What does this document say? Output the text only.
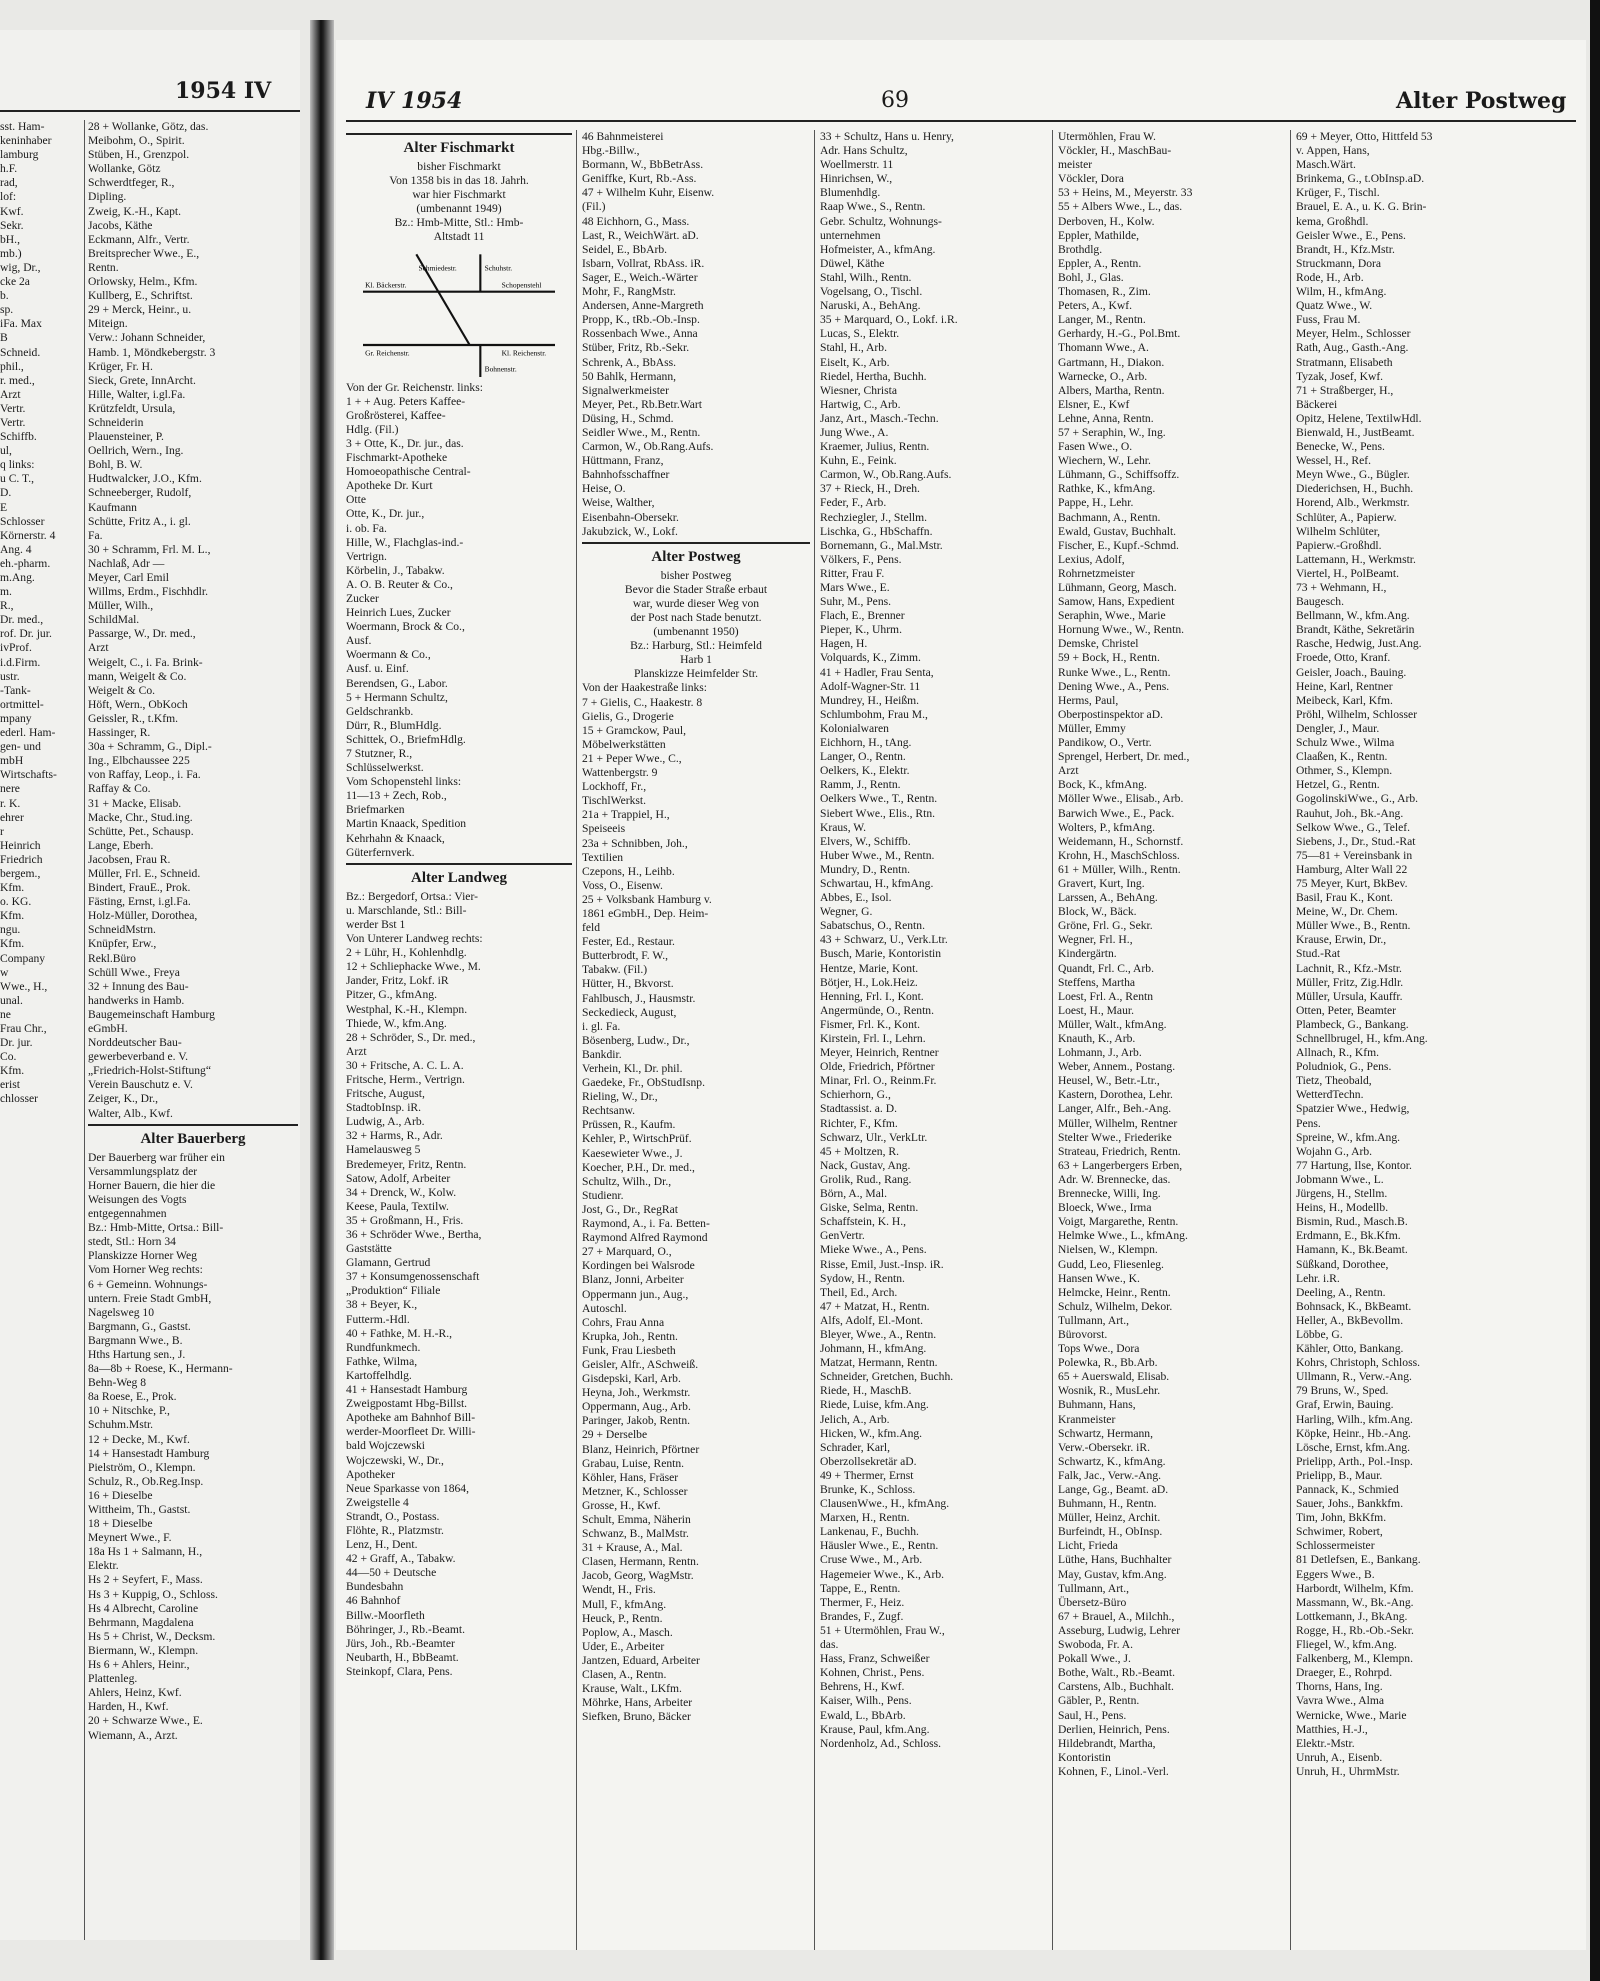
1954 IV
sst. Ham-
keninhaber
lamburg
h.F.
rad,
lof:
Kwf.
Sekr.
bH.,
mb.)
wig, Dr.,
cke 2a
b.
sp.
iFa. Max
B
Schneid.
phil.,
r. med.,
Arzt
Vertr.
Vertr.
Schiffb.
ul,
q links:
u C. T.,
D.
E
Schlosser
Körnerstr. 4
Ang. 4
eh.-pharm.
m.Ang.
m.
R.,
Dr. med.,
rof. Dr. jur.
ivProf.
i.d.Firm.
ustr.
-Tank-
ortmittel-
mpany
ederl. Ham-
gen- und
mbH
Wirtschafts-
nere
r. K.
ehrer
r
Heinrich
Friedrich
bergem.,
Kfm.
o. KG.
Kfm.
ngu.
Kfm.
Company
w
Wwe., H.,
unal.
ne
Frau Chr.,
Dr. jur.
Co.
Kfm.
erist
chlosser
28 + Wollanke, Götz, das.
Meibohm, O., Spirit.
Stüben, H., Grenzpol.
Wollanke, Götz
Schwerdtfeger, R.,
Dipling.
Zweig, K.-H., Kapt.
Jacobs, Käthe
Eckmann, Alfr., Vertr.
Breitsprecher Wwe., E.,
Rentn.
Orlowsky, Helm., Kfm.
Kullberg, E., Schriftst.
29 + Merck, Heinr., u.
Miteign.
Verw.: Johann Schneider,
Hamb. 1, Möndkebergstr. 3
Krüger, Fr. H.
Sieck, Grete, InnArcht.
Hille, Walter, i.gl.Fa.
Krützfeldt, Ursula,
Schneiderin
Plauensteiner, P.
Oellrich, Wern., Ing.
Bohl, B. W.
Hudtwalcker, J.O., Kfm.
Schneeberger, Rudolf,
Kaufmann
Schütte, Fritz A., i. gl.
Fa.
30 + Schramm, Frl. M. L.,
Nachlaß, Adr —
Meyer, Carl Emil
Willms, Erdm., Fischhdlr.
Müller, Wilh.,
SchildMal.
Passarge, W., Dr. med.,
Arzt
Weigelt, C., i. Fa. Brink-
mann, Weigelt & Co.
Weigelt & Co.
Höft, Wern., ObKoch
Geissler, R., t.Kfm.
Hassinger, R.
30a + Schramm, G., Dipl.-
Ing., Elbchaussee 225
von Raffay, Leop., i. Fa.
Raffay & Co.
31 + Macke, Elisab.
Macke, Chr., Stud.ing.
Schütte, Pet., Schausp.
Lange, Eberh.
Jacobsen, Frau R.
Müller, Frl. E., Schneid.
Bindert, FrauE., Prok.
Fästing, Ernst, i.gl.Fa.
Holz-Müller, Dorothea,
SchneidMstrn.
Knüpfer, Erw.,
Rekl.Büro
Schüll Wwe., Freya
32 + Innung des Bau-
handwerks in Hamb.
Baugemeinschaft Hamburg
eGmbH.
Norddeutscher Bau-
gewerbeverband e. V.
„Friedrich-Holst-Stiftung“
Verein Bauschutz e. V.
Zeiger, K., Dr.,
Walter, Alb., Kwf.
Alter Bauerberg
Der Bauerberg war früher ein
Versammlungsplatz der
Horner Bauern, die hier die
Weisungen des Vogts
entgegennahmen
Bz.: Hmb-Mitte, Ortsa.: Bill-
stedt, Stl.: Horn 34
Planskizze Horner Weg
Vom Horner Weg rechts:
6 + Gemeinn. Wohnungs-
untern. Freie Stadt GmbH,
Nagelsweg 10
Bargmann, G., Gastst.
Bargmann Wwe., B.
Hths Hartung sen., J.
8a—8b + Roese, K., Hermann-
Behn-Weg 8
8a Roese, E., Prok.
10 + Nitschke, P.,
Schuhm.Mstr.
12 + Decke, M., Kwf.
14 + Hansestadt Hamburg
Pielström, O., Klempn.
Schulz, R., Ob.Reg.Insp.
16 + Dieselbe
Wittheim, Th., Gastst.
18 + Dieselbe
Meynert Wwe., F.
18a Hs 1 + Salmann, H.,
Elektr.
Hs 2 + Seyfert, F., Mass.
Hs 3 + Kuppig, O., Schloss.
Hs 4 Albrecht, Caroline
Behrmann, Magdalena
Hs 5 + Christ, W., Decksm.
Biermann, W., Klempn.
Hs 6 + Ahlers, Heinr.,
Plattenleg.
Ahlers, Heinz, Kwf.
Harden, H., Kwf.
20 + Schwarze Wwe., E.
Wiemann, A., Arzt.
IV 1954	69	Alter Postweg
Alter Fischmarkt
bisher Fischmarkt
Von 1358 bis in das 18. Jahrh.
war hier Fischmarkt
(umbenannt 1949)
Bz.: Hmb-Mitte, Stl.: Hmb-
Altstadt 11
Kl. Bäckerstr.
Schmiedestr.
Schopenstehl
Gr. Reichenstr.	Kl. Reichenstr.
Schuhstr.
Bohnenstr.
Von der Gr. Reichenstr. links:
1 + + Aug. Peters Kaffee-
Großrösterei, Kaffee-
Hdlg. (Fil.)
3 + Otte, K., Dr. jur., das.
Fischmarkt-Apotheke
Homoeopathische Central-
Apotheke Dr. Kurt
Otte
Otte, K., Dr. jur.,
i. ob. Fa.
Hille, W., Flachglas-ind.-
Vertrign.
Körbelin, J., Tabakw.
A. O. B. Reuter & Co.,
Zucker
Heinrich Lues, Zucker
Woermann, Brock & Co.,
Ausf.
Woermann & Co.,
Ausf. u. Einf.
Berendsen, G., Labor.
5 + Hermann Schultz,
Geldschrankb.
Dürr, R., BlumHdlg.
Schittek, O., BriefmHdlg.
7 Stutzner, R.,
Schlüsselwerkst.
Vom Schopenstehl links:
11—13 + Zech, Rob.,
Briefmarken
Martin Knaack, Spedition
Kehrhahn & Knaack,
Güterfernverk.
Alter Landweg
Bz.: Bergedorf, Ortsa.: Vier-
u. Marschlande, Stl.: Bill-
werder Bst 1
Von Unterer Landweg rechts:
2 + Lühr, H., Kohlenhdlg.
12 + Schliephacke Wwe., M.
Jander, Fritz, Lokf. iR
Pitzer, G., kfmAng.
Westphal, K.-H., Klempn.
Thiede, W., kfm.Ang.
28 + Schröder, S., Dr. med.,
Arzt
30 + Fritsche, A. C. L. A.
Fritsche, Herm., Vertrign.
Fritsche, August,
StadtobInsp. iR.
Ludwig, A., Arb.
32 + Harms, R., Adr.
Hamelausweg 5
Bredemeyer, Fritz, Rentn.
Satow, Adolf, Arbeiter
34 + Drenck, W., Kolw.
Keese, Paula, Textilw.
35 + Großmann, H., Fris.
36 + Schröder Wwe., Bertha,
Gaststätte
Glamann, Gertrud
37 + Konsumgenossenschaft
„Produktion“ Filiale
38 + Beyer, K.,
Futterm.-Hdl.
40 + Fathke, M. H.-R.,
Rundfunkmech.
Fathke, Wilma,
Kartoffelhdlg.
41 + Hansestadt Hamburg
Zweigpostamt Hbg-Billst.
Apotheke am Bahnhof Bill-
werder-Moorfleet Dr. Willi-
bald Wojczewski
Wojczewski, W., Dr.,
Apotheker
Neue Sparkasse von 1864,
Zweigstelle 4
Strandt, O., Postass.
Flöhte, R., Platzmstr.
Lenz, H., Dent.
42 + Graff, A., Tabakw.
44—50 + Deutsche
Bundesbahn
46 Bahnhof
Billw.-Moorfleth
Böhringer, J., Rb.-Beamt.
Jürs, Joh., Rb.-Beamter
Neubarth, H., BbBeamt.
Steinkopf, Clara, Pens.
46 Bahnmeisterei
Hbg.-Billw.,
Bormann, W., BbBetrAss.
Geniffke, Kurt, Rb.-Ass.
47 + Wilhelm Kuhr, Eisenw.
(Fil.)
48 Eichhorn, G., Mass.
Last, R., WeichWärt. aD.
Seidel, E., BbArb.
Isbarn, Vollrat, RbAss. iR.
Sager, E., Weich.-Wärter
Mohr, F., RangMstr.
Andersen, Anne-Margreth
Propp, K., tRb.-Ob.-Insp.
Rossenbach Wwe., Anna
Stüber, Fritz, Rb.-Sekr.
Schrenk, A., BbAss.
50 Bahlk, Hermann,
Signalwerkmeister
Meyer, Pet., Rb.Betr.Wart
Düsing, H., Schmd.
Seidler Wwe., M., Rentn.
Carmon, W., Ob.Rang.Aufs.
Hüttmann, Franz,
Bahnhofsschaffner
Heise, O.
Weise, Walther,
Eisenbahn-Obersekr.
Jakubzick, W., Lokf.
Alter Postweg
bisher Postweg
Bevor die Stader Straße erbaut
war, wurde dieser Weg von
der Post nach Stade benutzt.
(umbenannt 1950)
Bz.: Harburg, Stl.: Heimfeld
Harb 1
Planskizze Heimfelder Str.
Von der Haakestraße links:
7 + Gielis, C., Haakestr. 8
Gielis, G., Drogerie
15 + Gramckow, Paul,
Möbelwerkstätten
21 + Peper Wwe., C.,
Wattenbergstr. 9
Lockhoff, Fr.,
TischlWerkst.
21a + Trappiel, H.,
Speiseeis
23a + Schnibben, Joh.,
Textilien
Czepons, H., Leihb.
Voss, O., Eisenw.
25 + Volksbank Hamburg v.
1861 eGmbH., Dep. Heim-
feld
Fester, Ed., Restaur.
Butterbrodt, F. W.,
Tabakw. (Fil.)
Hütter, H., Bkvorst.
Fahlbusch, J., Hausmstr.
Seckedieck, August,
i. gl. Fa.
Bösenberg, Ludw., Dr.,
Bankdir.
Verhein, Kl., Dr. phil.
Gaedeke, Fr., ObStudIsnp.
Rieling, W., Dr.,
Rechtsanw.
Prüssen, R., Kaufm.
Kehler, P., WirtschPrüf.
Kaesewieter Wwe., J.
Koecher, P.H., Dr. med.,
Schultz, Wilh., Dr.,
Studienr.
Jost, G., Dr., RegRat
Raymond, A., i. Fa. Betten-
Raymond Alfred Raymond
27 + Marquard, O.,
Kordingen bei Walsrode
Blanz, Jonni, Arbeiter
Oppermann jun., Aug.,
Autoschl.
Cohrs, Frau Anna
Krupka, Joh., Rentn.
Funk, Frau Liesbeth
Geisler, Alfr., ASchweiß.
Gisdepski, Karl, Arb.
Heyna, Joh., Werkmstr.
Oppermann, Aug., Arb.
Paringer, Jakob, Rentn.
29 + Derselbe
Blanz, Heinrich, Pförtner
Grabau, Luise, Rentn.
Köhler, Hans, Fräser
Metzner, K., Schlosser
Grosse, H., Kwf.
Schult, Emma, Näherin
Schwanz, B., MalMstr.
31 + Krause, A., Mal.
Clasen, Hermann, Rentn.
Jacob, Georg, WagMstr.
Wendt, H., Fris.
Mull, F., kfmAng.
Heuck, P., Rentn.
Poplow, A., Masch.
Uder, E., Arbeiter
Jantzen, Eduard, Arbeiter
Clasen, A., Rentn.
Krause, Walt., LKfm.
Möhrke, Hans, Arbeiter
Siefken, Bruno, Bäcker
33 + Schultz, Hans u. Henry,
Adr. Hans Schultz,
Woellmerstr. 11
Hinrichsen, W.,
Blumenhdlg.
Raap Wwe., S., Rentn.
Gebr. Schultz, Wohnungs-
unternehmen
Hofmeister, A., kfmAng.
Düwel, Käthe
Stahl, Wilh., Rentn.
Vogelsang, O., Tischl.
Naruski, A., BehAng.
35 + Marquard, O., Lokf. i.R.
Lucas, S., Elektr.
Stahl, H., Arb.
Eiselt, K., Arb.
Riedel, Hertha, Buchh.
Wiesner, Christa
Hartwig, C., Arb.
Janz, Art., Masch.-Techn.
Jung Wwe., A.
Kraemer, Julius, Rentn.
Kuhn, E., Feink.
Carmon, W., Ob.Rang.Aufs.
37 + Rieck, H., Dreh.
Feder, F., Arb.
Rechziegler, J., Stellm.
Lischka, G., HbSchaffn.
Bornemann, G., Mal.Mstr.
Völkers, F., Pens.
Ritter, Frau F.
Mars Wwe., E.
Suhr, M., Pens.
Flach, E., Brenner
Pieper, K., Uhrm.
Hagen, H.
Volquards, K., Zimm.
41 + Hadler, Frau Senta,
Adolf-Wagner-Str. 11
Mundrey, H., Heißm.
Schlumbohm, Frau M.,
Kolonialwaren
Eichhorn, H., tAng.
Langer, O., Rentn.
Oelkers, K., Elektr.
Ramm, J., Rentn.
Oelkers Wwe., T., Rentn.
Siebert Wwe., Elis., Rtn.
Kraus, W.
Elvers, W., Schiffb.
Huber Wwe., M., Rentn.
Mundry, D., Rentn.
Schwartau, H., kfmAng.
Abbes, E., Isol.
Wegner, G.
Sabatschus, O., Rentn.
43 + Schwarz, U., Verk.Ltr.
Busch, Marie, Kontoristin
Hentze, Marie, Kont.
Bötjer, H., Lok.Heiz.
Henning, Frl. I., Kont.
Angermünde, O., Rentn.
Fismer, Frl. K., Kont.
Kirstein, Frl. I., Lehrn.
Meyer, Heinrich, Rentner
Olde, Friedrich, Pförtner
Minar, Frl. O., Reinm.Fr.
Schierhorn, G.,
Stadtassist. a. D.
Richter, F., Kfm.
Schwarz, Ulr., VerkLtr.
45 + Moltzen, R.
Nack, Gustav, Ang.
Grolik, Rud., Rang.
Börn, A., Mal.
Giske, Selma, Rentn.
Schaffstein, K. H.,
GenVertr.
Mieke Wwe., A., Pens.
Risse, Emil, Just.-Insp. iR.
Sydow, H., Rentn.
Theil, Ed., Arch.
47 + Matzat, H., Rentn.
Alfs, Adolf, El.-Mont.
Bleyer, Wwe., A., Rentn.
Johmann, H., kfmAng.
Matzat, Hermann, Rentn.
Schneider, Gretchen, Buchh.
Riede, H., MaschB.
Riede, Luise, kfm.Ang.
Jelich, A., Arb.
Hicken, W., kfm.Ang.
Schrader, Karl,
Oberzollsekretär aD.
49 + Thermer, Ernst
Brunke, K., Schloss.
ClausenWwe., H., kfmAng.
Marxen, H., Rentn.
Lankenau, F., Buchh.
Häusler Wwe., E., Rentn.
Cruse Wwe., M., Arb.
Hagemeier Wwe., K., Arb.
Tappe, E., Rentn.
Thermer, F., Heiz.
Brandes, F., Zugf.
51 + Utermöhlen, Frau W.,
das.
Hass, Franz, Schweißer
Kohnen, Christ., Pens.
Behrens, H., Kwf.
Kaiser, Wilh., Pens.
Ewald, L., BbArb.
Krause, Paul, kfm.Ang.
Nordenholz, Ad., Schloss.
Utermöhlen, Frau W.
Vöckler, H., MaschBau-
meister
Vöckler, Dora
53 + Heins, M., Meyerstr. 33
55 + Albers Wwe., L., das.
Derboven, H., Kolw.
Eppler, Mathilde,
Brothdlg.
Eppler, A., Rentn.
Bohl, J., Glas.
Thomasen, R., Zim.
Peters, A., Kwf.
Langer, M., Rentn.
Gerhardy, H.-G., Pol.Bmt.
Thomann Wwe., A.
Gartmann, H., Diakon.
Warnecke, O., Arb.
Albers, Martha, Rentn.
Elsner, E., Kwf
Lehne, Anna, Rentn.
57 + Seraphin, W., Ing.
Fasen Wwe., O.
Wiechern, W., Lehr.
Lühmann, G., Schiffsoffz.
Rathke, K., kfmAng.
Pappe, H., Lehr.
Bachmann, A., Rentn.
Ewald, Gustav, Buchhalt.
Fischer, E., Kupf.-Schmd.
Lexius, Adolf,
Rohrnetzmeister
Lühmann, Georg, Masch.
Samow, Hans, Expedient
Seraphin, Wwe., Marie
Hornung Wwe., W., Rentn.
Demske, Christel
59 + Bock, H., Rentn.
Runke Wwe., L., Rentn.
Dening Wwe., A., Pens.
Herms, Paul,
Oberpostinspektor aD.
Müller, Emmy
Pandikow, O., Vertr.
Sprengel, Herbert, Dr. med.,
Arzt
Bock, K., kfmAng.
Möller Wwe., Elisab., Arb.
Barwich Wwe., E., Pack.
Wolters, P., kfmAng.
Weidemann, H., Schornstf.
Krohn, H., MaschSchloss.
61 + Müller, Wilh., Rentn.
Gravert, Kurt, Ing.
Larssen, A., BehAng.
Block, W., Bäck.
Gröne, Frl. G., Sekr.
Wegner, Frl. H.,
Kindergärtn.
Quandt, Frl. C., Arb.
Steffens, Martha
Loest, Frl. A., Rentn
Loest, H., Maur.
Müller, Walt., kfmAng.
Knauth, K., Arb.
Lohmann, J., Arb.
Weber, Annem., Postang.
Heusel, W., Betr.-Ltr.,
Kastern, Dorothea, Lehr.
Langer, Alfr., Beh.-Ang.
Müller, Wilhelm, Rentner
Stelter Wwe., Friederike
Strateau, Friedrich, Rentn.
63 + Langerbergers Erben,
Adr. W. Brennecke, das.
Brennecke, Willi, Ing.
Bloeck, Wwe., Irma
Voigt, Margarethe, Rentn.
Helmke Wwe., L., kfmAng.
Nielsen, W., Klempn.
Gudd, Leo, Fliesenleg.
Hansen Wwe., K.
Helmcke, Heinr., Rentn.
Schulz, Wilhelm, Dekor.
Tullmann, Art.,
Bürovorst.
Tops Wwe., Dora
Polewka, R., Bb.Arb.
65 + Auerswald, Elisab.
Wosnik, R., MusLehr.
Buhmann, Hans,
Kranmeister
Schwartz, Hermann,
Verw.-Obersekr. iR.
Schwartz, K., kfmAng.
Falk, Jac., Verw.-Ang.
Lange, Gg., Beamt. aD.
Buhmann, H., Rentn.
Müller, Heinz, Archit.
Burfeindt, H., ObInsp.
Licht, Frieda
Lüthe, Hans, Buchhalter
May, Gustav, kfm.Ang.
Tullmann, Art.,
Übersetz-Büro
67 + Brauel, A., Milchh.,
Asseburg, Ludwig, Lehrer
Swoboda, Fr. A.
Pokall Wwe., J.
Bothe, Walt., Rb.-Beamt.
Carstens, Alb., Buchhalt.
Gäbler, P., Rentn.
Saul, H., Pens.
Derlien, Heinrich, Pens.
Hildebrandt, Martha,
Kontoristin
Kohnen, F., Linol.-Verl.
69 + Meyer, Otto, Hittfeld 53
v. Appen, Hans,
Masch.Wärt.
Brinkema, G., t.ObInsp.aD.
Krüger, F., Tischl.
Brauel, E. A., u. K. G. Brin-
kema, Großhdl.
Geisler Wwe., E., Pens.
Brandt, H., Kfz.Mstr.
Struckmann, Dora
Rode, H., Arb.
Wilm, H., kfmAng.
Quatz Wwe., W.
Fuss, Frau M.
Meyer, Helm., Schlosser
Rath, Aug., Gasth.-Ang.
Stratmann, Elisabeth
Tyzak, Josef, Kwf.
71 + Straßberger, H.,
Bäckerei
Opitz, Helene, TextilwHdl.
Bienwald, H., JustBeamt.
Benecke, W., Pens.
Wessel, H., Ref.
Meyn Wwe., G., Bügler.
Diederichsen, H., Buchh.
Horend, Alb., Werkmstr.
Schlüter, A., Papierw.
Wilhelm Schlüter,
Papierw.-Großhdl.
Lattemann, H., Werkmstr.
Viertel, H., PolBeamt.
73 + Wehmann, H.,
Baugesch.
Bellmann, W., kfm.Ang.
Brandt, Käthe, Sekretärin
Rasche, Hedwig, Just.Ang.
Froede, Otto, Kranf.
Geisler, Joach., Bauing.
Heine, Karl, Rentner
Meibeck, Karl, Kfm.
Pröhl, Wilhelm, Schlosser
Dengler, J., Maur.
Schulz Wwe., Wilma
Claaßen, K., Rentn.
Othmer, S., Klempn.
Hetzel, G., Rentn.
GogolinskiWwe., G., Arb.
Rauhut, Joh., Bk.-Ang.
Selkow Wwe., G., Telef.
Siebens, J., Dr., Stud.-Rat
75—81 + Vereinsbank in
Hamburg, Alter Wall 22
75 Meyer, Kurt, BkBev.
Basil, Frau K., Kont.
Meine, W., Dr. Chem.
Müller Wwe., B., Rentn.
Krause, Erwin, Dr.,
Stud.-Rat
Lachnit, R., Kfz.-Mstr.
Müller, Fritz, Zig.Hdlr.
Müller, Ursula, Kauffr.
Otten, Peter, Beamter
Plambeck, G., Bankang.
Schnellbrugel, H., kfm.Ang.
Allnach, R., Kfm.
Poludniok, G., Pens.
Tietz, Theobald,
WetterdTechn.
Spatzier Wwe., Hedwig,
Pens.
Spreine, W., kfm.Ang.
Wojahn G., Arb.
77 Hartung, Ilse, Kontor.
Jobmann Wwe., L.
Jürgens, H., Stellm.
Heins, H., Modellb.
Bismin, Rud., Masch.B.
Erdmann, E., Bk.Kfm.
Hamann, K., Bk.Beamt.
Süßkand, Dorothee,
Lehr. i.R.
Deeling, A., Rentn.
Bohnsack, K., BkBeamt.
Heller, A., BkBevollm.
Löbbe, G.
Kähler, Otto, Bankang.
Kohrs, Christoph, Schloss.
Ullmann, R., Verw.-Ang.
79 Bruns, W., Sped.
Graf, Erwin, Bauing.
Harling, Wilh., kfm.Ang.
Köpke, Heinr., Hb.-Ang.
Lösche, Ernst, kfm.Ang.
Prielipp, Arth., Pol.-Insp.
Prielipp, B., Maur.
Pannack, K., Schmied
Sauer, Johs., Bankkfm.
Tim, John, BkKfm.
Schwimer, Robert,
Schlossermeister
81 Detlefsen, E., Bankang.
Eggers Wwe., B.
Harbordt, Wilhelm, Kfm.
Massmann, W., Bk.-Ang.
Lottkemann, J., BkAng.
Rogge, H., Rb.-Ob.-Sekr.
Fliegel, W., kfm.Ang.
Falkenberg, M., Klempn.
Draeger, E., Rohrpd.
Thorns, Hans, Ing.
Vavra Wwe., Alma
Wernicke, Wwe., Marie
Matthies, H.-J.,
Elektr.-Mstr.
Unruh, A., Eisenb.
Unruh, H., UhrmMstr.
